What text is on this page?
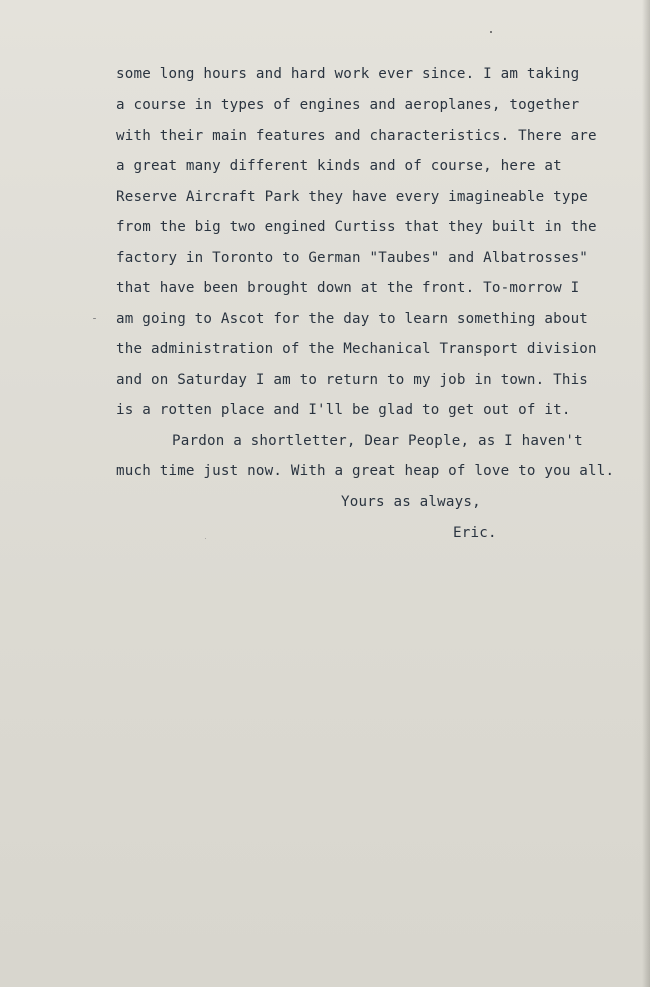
some long hours and hard work ever since. I am taking
a course in types of engines and aeroplanes, together
with their main features and characteristics. There are
a great many different kinds and of course, here at
Reserve Aircraft Park they have every imagineable type
from the big two engined Curtiss that they built in the
factory in Toronto to German "Taubes" and Albatrosses"
that have been brought down at the front. To-morrow I
am going to Ascot for the day to learn something about
the administration of the Mechanical Transport division
and on Saturday I am to return to my job in town. This
is a rotten place and I'll be glad to get out of it.
Pardon a shortletter, Dear People, as I haven't
much time just now. With a great heap of love to you all.
Yours as always,
Eric.
